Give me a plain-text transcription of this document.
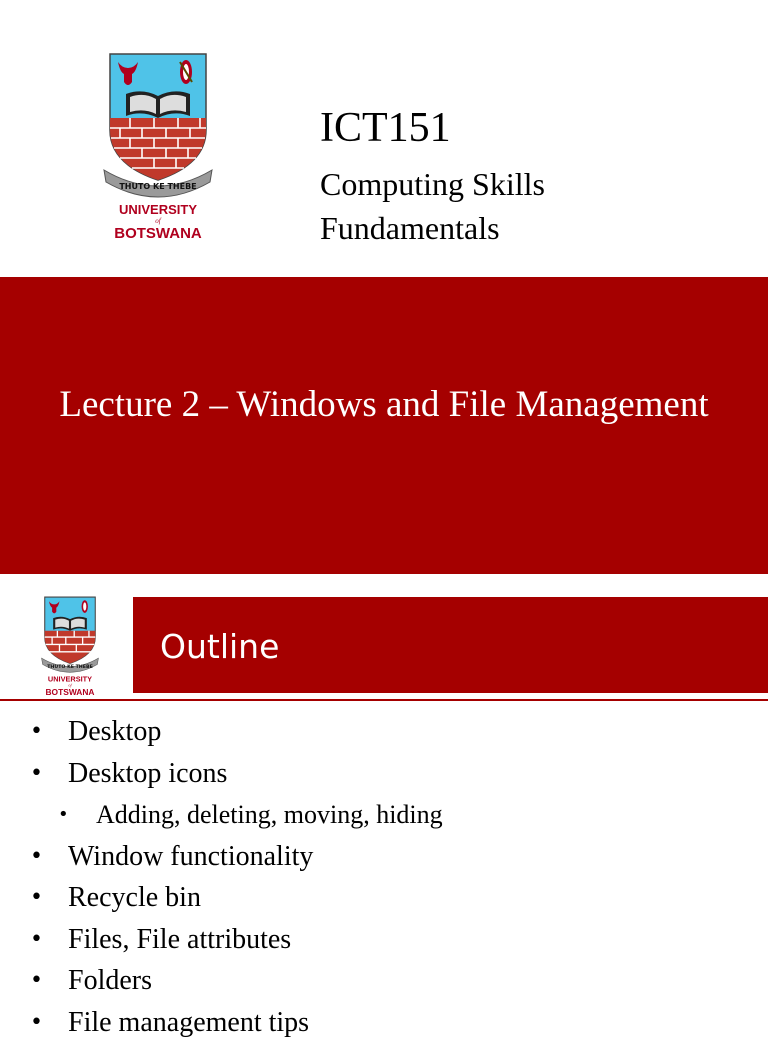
THUTO KE THEBE
UNIVERSITY
of
BOTSWANA
ICT151
Computing Skills
Fundamentals
Lecture 2 – Windows and File Management
THUTO KE THEBE
UNIVERSITY
of
BOTSWANA
Outline
• Desktop
• Desktop icons
• Adding, deleting, moving, hiding
• Window functionality
• Recycle bin
• Files, File attributes
• Folders
• File management tips
